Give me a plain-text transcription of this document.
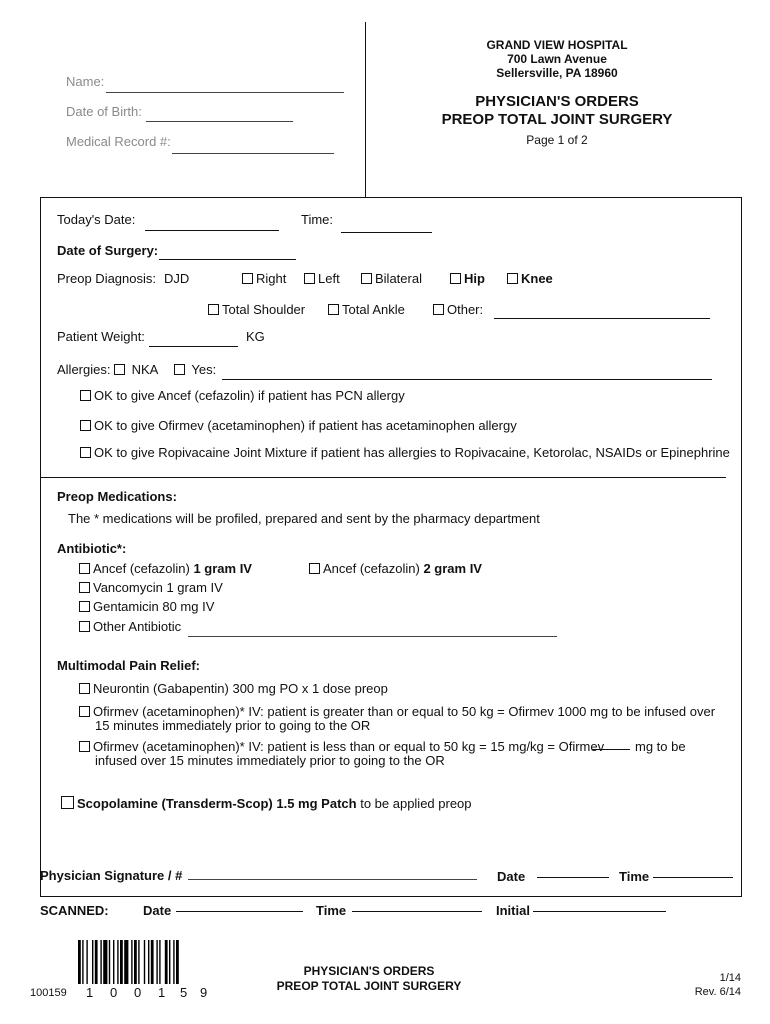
Name:
Date of Birth:
Medical Record #:
GRAND VIEW HOSPITAL
700 Lawn Avenue
Sellersville, PA 18960
PHYSICIAN'S ORDERS
PREOP TOTAL JOINT SURGERY
Page 1 of 2
Today's Date:	Time:
Date of Surgery:
Preop Diagnosis: DJD	Right	Left	Bilateral	Hip	Knee
Total Shoulder	Total Ankle	Other:
Patient Weight:	KG
Allergies:	NKA	Yes:
OK to give Ancef (cefazolin) if patient has PCN allergy
OK to give Ofirmev (acetaminophen) if patient has acetaminophen allergy
OK to give Ropivacaine Joint Mixture if patient has allergies to Ropivacaine, Ketorolac, NSAIDs or Epinephrine
Preop Medications:
The * medications will be profiled, prepared and sent by the pharmacy department
Antibiotic*:
Ancef (cefazolin) 1 gram IV	Ancef (cefazolin) 2 gram IV
Vancomycin 1 gram IV
Gentamicin 80 mg IV
Other Antibiotic
Multimodal Pain Relief:
Neurontin (Gabapentin) 300 mg PO x 1 dose preop
Ofirmev (acetaminophen)* IV: patient is greater than or equal to 50 kg = Ofirmev 1000 mg to be infused over
15 minutes immediately prior to going to the OR
Ofirmev (acetaminophen)* IV: patient is less than or equal to 50 kg = 15 mg/kg = Ofirmev mg to be
infused over 15 minutes immediately prior to going to the OR
Scopolamine (Transderm-Scop) 1.5 mg Patch to be applied preop
Physician Signature / #	Date	Time
SCANNED:	Date	Time	Initial
100159 1 0 0 1 5 9
PHYSICIAN'S ORDERS
PREOP TOTAL JOINT SURGERY
1/14
Rev. 6/14
